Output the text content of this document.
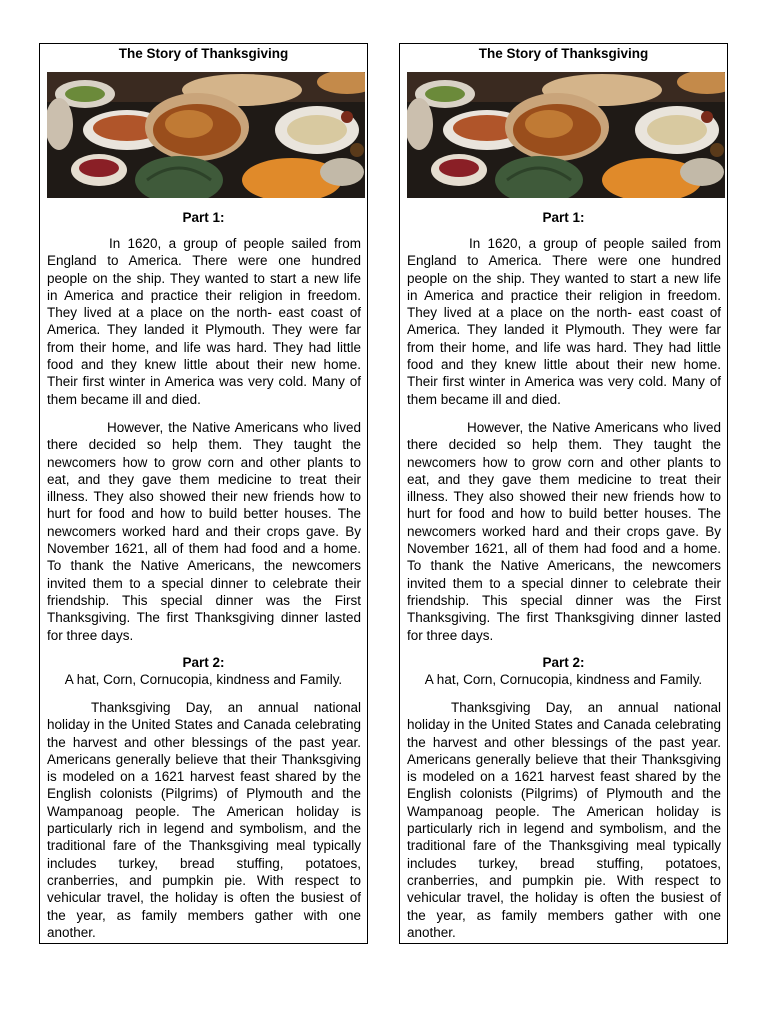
The Story of Thanksgiving
Part 1:

In 1620, a group of people sailed from England to America. There were one hundred people on the ship. They wanted to start a new life in America and practice their religion in freedom. They lived at a place on the north- east coast of America. They landed it Plymouth. They were far from their home, and life was hard. They had little food and they knew little about their new home. Their first winter in America was very cold. Many of them became ill and died.

However, the Native Americans who lived there decided so help them. They taught the newcomers how to grow corn and other plants to eat, and they gave them medicine to treat their illness. They also showed their new friends how to hurt for food and how to build better houses. The newcomers worked hard and their crops gave. By November 1621, all of them had food and a home. To thank the Native Americans, the newcomers invited them to a special dinner to celebrate their friendship. This special dinner was the First Thanksgiving. The first Thanksgiving dinner lasted for three days.

Part 2:
A hat, Corn, Cornucopia, kindness and Family.

Thanksgiving Day, an annual national holiday in the United States and Canada celebrating the harvest and other blessings of the past year. Americans generally believe that their Thanksgiving is modeled on a 1621 harvest feast shared by the English colonists (Pilgrims) of Plymouth and the Wampanoag people. The American holiday is particularly rich in legend and symbolism, and the traditional fare of the Thanksgiving meal typically includes turkey, bread stuffing, potatoes, cranberries, and pumpkin pie. With respect to vehicular travel, the holiday is often the busiest of the year, as family members gather with one another.

The Story of Thanksgiving
Part 1:

In 1620, a group of people sailed from England to America. There were one hundred people on the ship. They wanted to start a new life in America and practice their religion in freedom. They lived at a place on the north- east coast of America. They landed it Plymouth. They were far from their home, and life was hard. They had little food and they knew little about their new home. Their first winter in America was very cold. Many of them became ill and died.

However, the Native Americans who lived there decided so help them. They taught the newcomers how to grow corn and other plants to eat, and they gave them medicine to treat their illness. They also showed their new friends how to hurt for food and how to build better houses. The newcomers worked hard and their crops gave. By November 1621, all of them had food and a home. To thank the Native Americans, the newcomers invited them to a special dinner to celebrate their friendship. This special dinner was the First Thanksgiving. The first Thanksgiving dinner lasted for three days.

Part 2:
A hat, Corn, Cornucopia, kindness and Family.

Thanksgiving Day, an annual national holiday in the United States and Canada celebrating the harvest and other blessings of the past year. Americans generally believe that their Thanksgiving is modeled on a 1621 harvest feast shared by the English colonists (Pilgrims) of Plymouth and the Wampanoag people. The American holiday is particularly rich in legend and symbolism, and the traditional fare of the Thanksgiving meal typically includes turkey, bread stuffing, potatoes, cranberries, and pumpkin pie. With respect to vehicular travel, the holiday is often the busiest of the year, as family members gather with one another.
